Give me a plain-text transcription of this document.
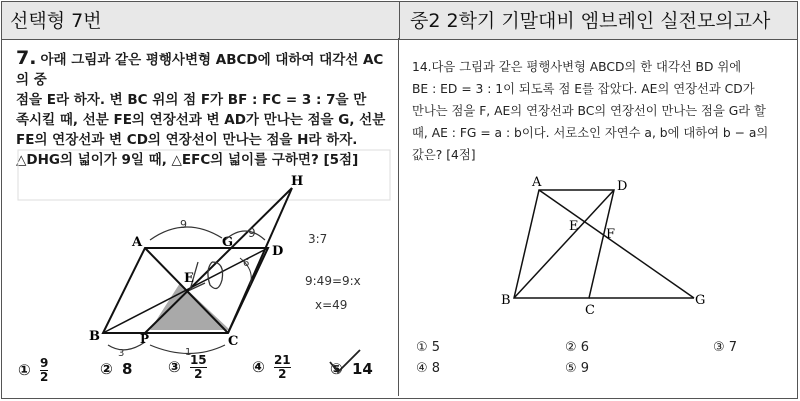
선택형 7번	중2 2학기 기말대비 엠브레인 실전모의고사
7. 아래 그림과 같은 평행사변형 ABCD에 대하여 대각선 AC의 중
점을 E라 하자. 변 BC 위의 점 F가 BF : FC = 3 : 7을 만
족시킬 때, 선분 FE의 연장선과 변 AD가 만나는 점을 G, 선분
FE의 연장선과 변 CD의 연장선이 만나는 점을 H라 하자.
△DHG의 넓이가 9일 때, △EFC의 넓이를 구하면? [5점]
A
B	C
D
E
G
H
P
9
9
6
3	1
3:7
9:49=9:x
x=49
① $\frac{9}{2}$	② 8 ③ $\frac{15}{2}$	④ $\frac{21}{2}$	⑤ 14
14.다음 그림과 같은 평행사변형 ABCD의 한 대각선 BD 위에
BE : ED = 3 : 1이 되도록 점 E를 잡았다. AE의 연장선과 CD가
만나는 점을 F, AE의 연장선과 BC의 연장선이 만나는 점을 G라 할
때, AE : FG = a : b이다. 서로소인 자연수 a, b에 대하여 b − a의
값은? [4점]
A
B
C
D
E
F
G
① 5	② 6	③ 7
④ 8	⑤ 9
